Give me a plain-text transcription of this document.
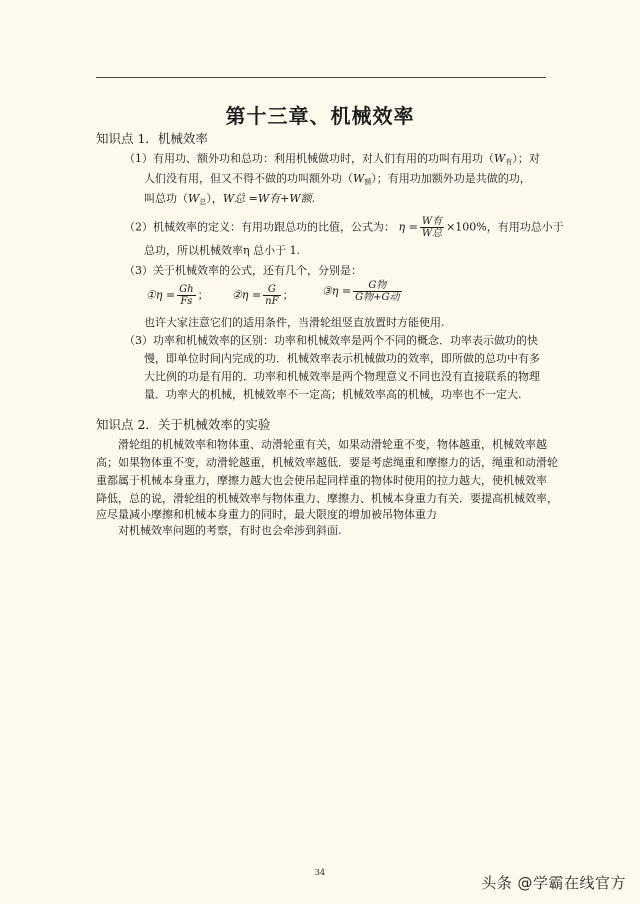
第十三章、机械效率
知识点 1．机械效率
（1）有用功、额外功和总功：利用机械做功时，对人们有用的功叫有用功$(W_有)$；对
人们没有用，但又不得不做的功叫额外功$(W_额)$；有用功加额外功是共做的功，
叫总功$(W_总)$，W总 =W有+W额.
（2）机械效率的定义：有用功跟总功的比值，公式为： $\eta = \frac{\text{W有}}{\text{W总}} \times 100\%$，有用功总小于
总功，所以机械效率η 总小于 1.
（3）关于机械效率的公式，还有几个，分别是：
①η = $\frac{Gh}{Fs}$ ； ②η = $\frac{G}{nF}$ ；	③η = $\frac{\text{G物}}{\text{G物+G动}}$
也许大家注意它们的适用条件，当滑轮组竖直放置时方能使用.
（3）功率和机械效率的区别：功率和机械效率是两个不同的概念．功率表示做功的快
慢，即单位时间内完成的功．机械效率表示机械做功的效率，即所做的总功中有多
大比例的功是有用的．功率和机械效率是两个物理意义不同也没有直接联系的物理
量．功率大的机械，机械效率不一定高；机械效率高的机械，功率也不一定大.
知识点 2．关于机械效率的实验
滑轮组的机械效率和物体重、动滑轮重有关，如果动滑轮重不变，物体越重，机械效率越
高；如果物体重不变，动滑轮越重，机械效率越低．要是考虑绳重和摩擦力的话，绳重和动滑轮
重都属于机械本身重力，摩擦力越大也会使吊起同样重的物体时使用的拉力越大，使机械效率
降低，总的说，滑轮组的机械效率与物体重力、摩擦力、机械本身重力有关．要提高机械效率，
应尽量减小摩擦和机械本身重力的同时，最大限度的增加被吊物体重力
对机械效率问题的考察，有时也会牵涉到斜面.
34
头条 @学霸在线官方
